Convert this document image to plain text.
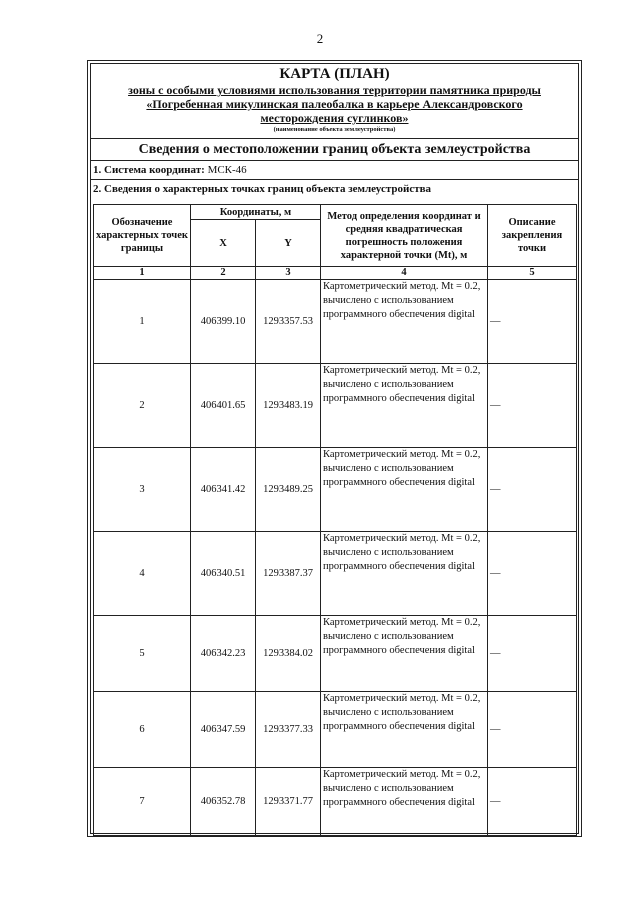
2
КАРТА (ПЛАН)
зоны с особыми условиями использования территории памятника природы
«Погребенная микулинская палеобалка в карьере Александровского
месторождения суглинков»
(наименование объекта землеустройства)
Сведения о местоположении границ объекта землеустройства
1. Система координат: МСК-46
2. Сведения о характерных точках границ объекта землеустройства

Обозначение характерных точек границы	Координаты, м		Метод определения координат и средняя квадратическая погрешность положения характерной точки (Mt), м	Описание закрепления точки
	X	Y		
1	2	3	4	5
1	406399.10	1293357.53	Картометрический метод. Mt = 0.2, вычислено с использованием программного обеспечения digital	—
2	406401.65	1293483.19	Картометрический метод. Mt = 0.2, вычислено с использованием программного обеспечения digital	—
3	406341.42	1293489.25	Картометрический метод. Mt = 0.2, вычислено с использованием программного обеспечения digital	—
4	406340.51	1293387.37	Картометрический метод. Mt = 0.2, вычислено с использованием программного обеспечения digital	—
5	406342.23	1293384.02	Картометрический метод. Mt = 0.2, вычислено с использованием программного обеспечения digital	—
6	406347.59	1293377.33	Картометрический метод. Mt = 0.2, вычислено с использованием программного обеспечения digital	—
7	406352.78	1293371.77	Картометрический метод. Mt = 0.2, вычислено с использованием программного обеспечения digital	—
